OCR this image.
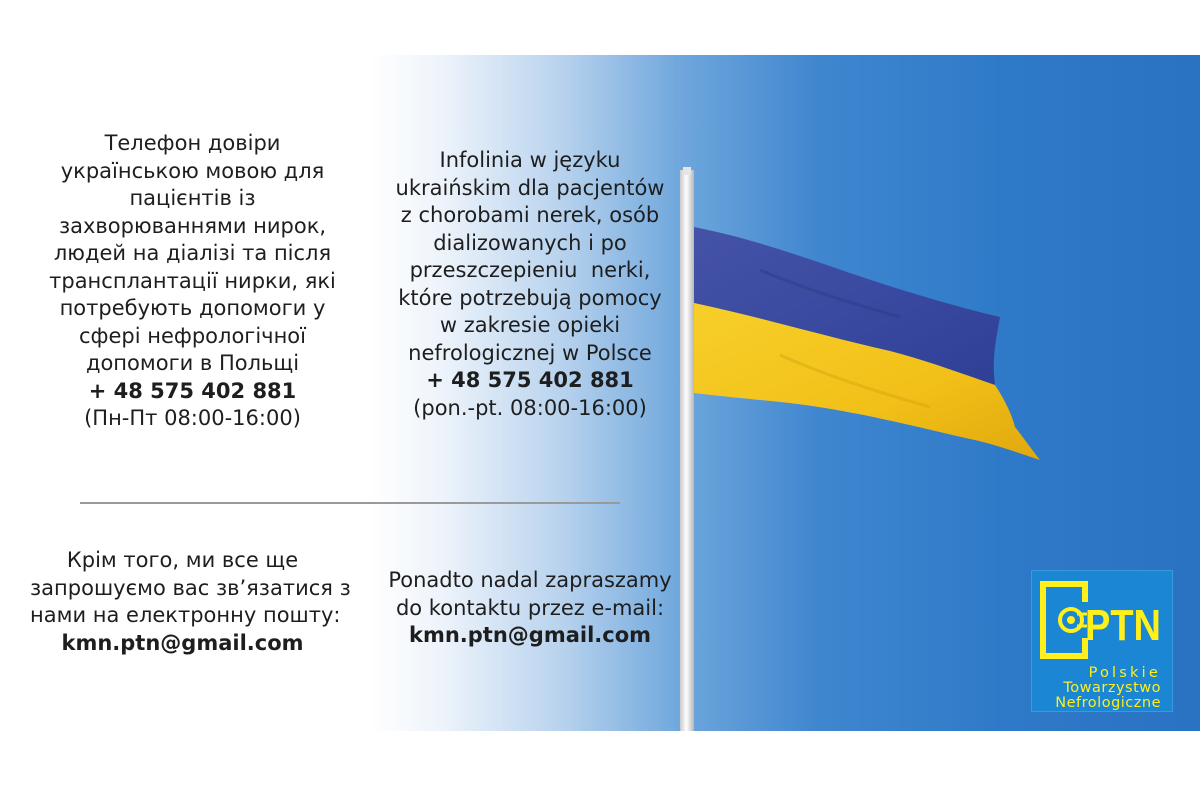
Телефон довіри
українською мовою для
пацієнтів із
захворюваннями нирок,
людей на діалізі та після
трансплантації нирки, які
потребують допомоги у
сфері нефрологічної
допомоги в Польщі
+ 48 575 402 881
(Пн-Пт 08:00-16:00)
Infolinia w języku
ukraińskim dla pacjentów
z chorobami nerek, osób
dializowanych i po
przeszczepieniu  nerki,
które potrzebują pomocy
w zakresie opieki
nefrologicznej w Polsce
+ 48 575 402 881
(pon.-pt. 08:00-16:00)
Крім того, ми все ще
запрошуємо вас зв’язатися з
нами на електронну пошту:
kmn.ptn@gmail.com
Ponadto nadal zapraszamy
do kontaktu przez e-mail:
kmn.ptn@gmail.com	PTN
Polskie
Towarzystwo
Nefrologiczne
